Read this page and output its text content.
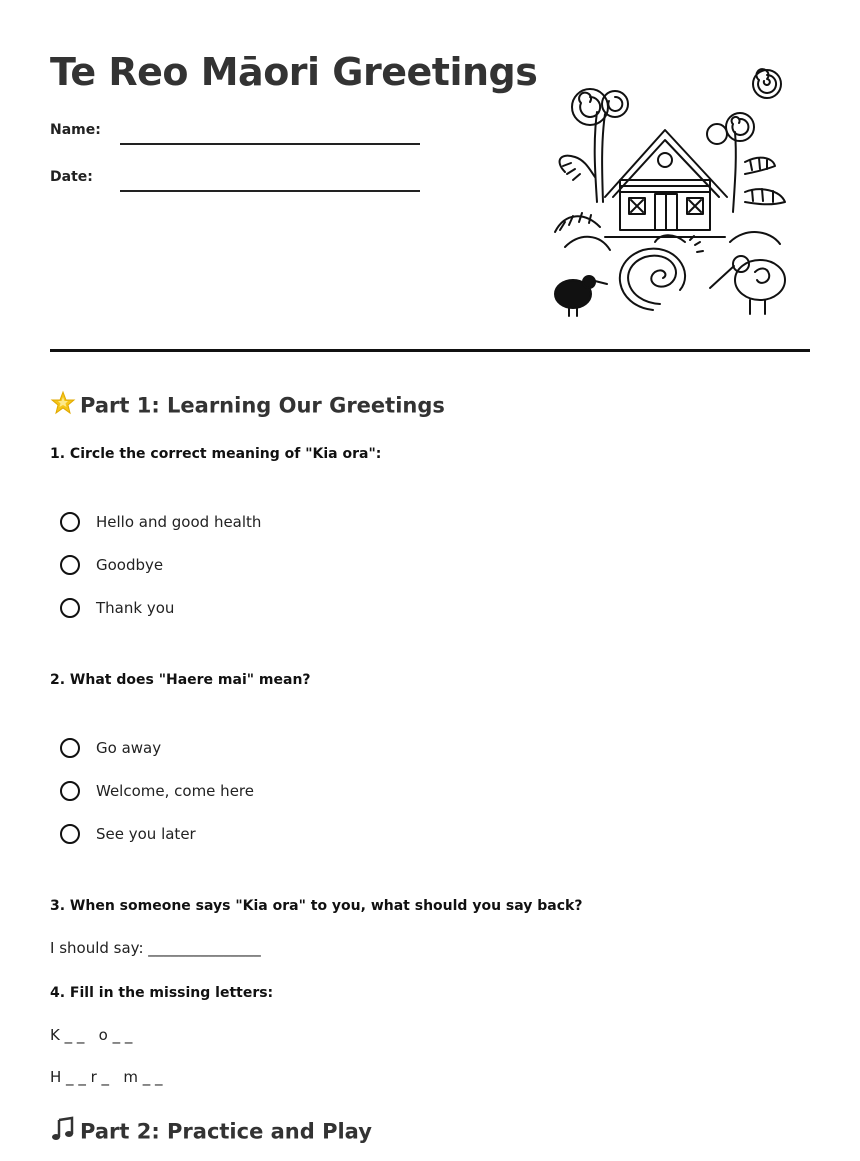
Te Reo Māori Greetings
Name:
Date:
Part 1: Learning Our Greetings
1. Circle the correct meaning of "Kia ora":
Hello and good health
Goodbye
Thank you
2. What does "Haere mai" mean?
Go away
Welcome, come here
See you later
3. When someone says "Kia ora" to you, what should you say back?
I should say: _______________
4. Fill in the missing letters:
K _ _   o _ _
H _ _ r _   m _ _
Part 2: Practice and Play
